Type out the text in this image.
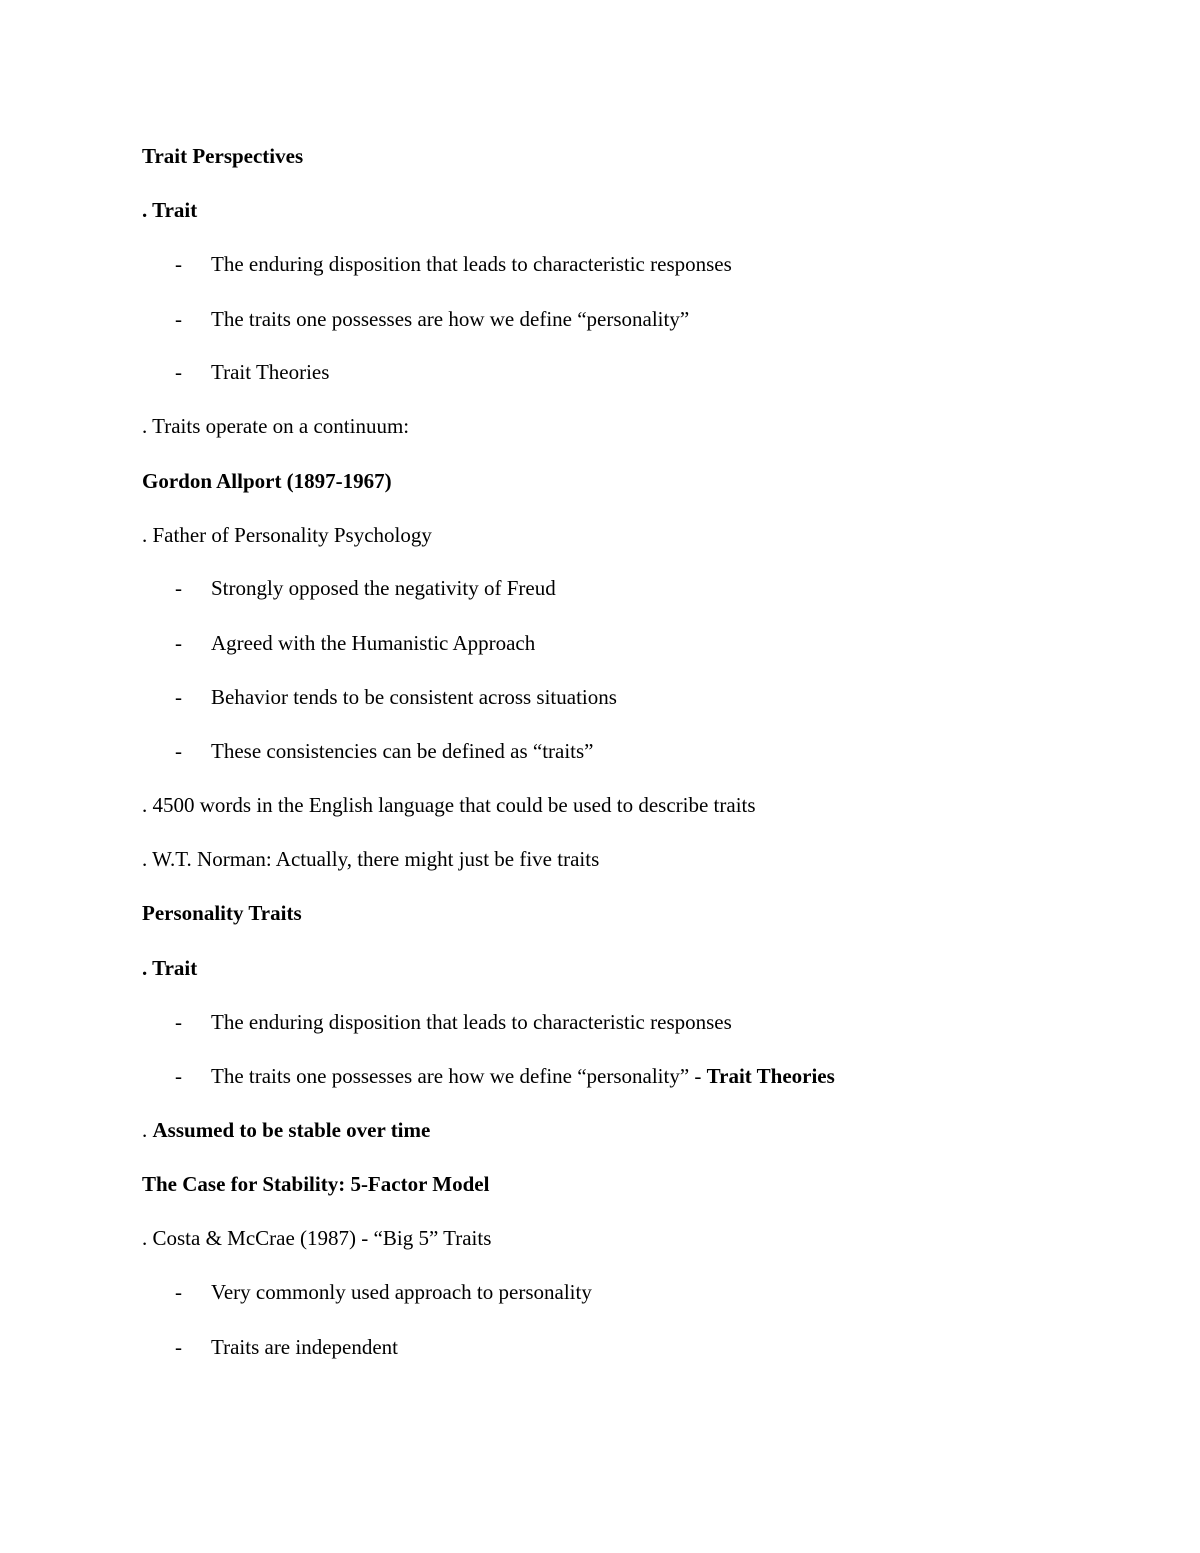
Trait Perspectives

. Trait

- The enduring disposition that leads to characteristic responses

- The traits one possesses are how we define “personality”

- Trait Theories

. Traits operate on a continuum:

Gordon Allport (1897-1967)

. Father of Personality Psychology

- Strongly opposed the negativity of Freud

- Agreed with the Humanistic Approach

- Behavior tends to be consistent across situations

- These consistencies can be defined as “traits”

. 4500 words in the English language that could be used to describe traits

. W.T. Norman: Actually, there might just be five traits

Personality Traits

. Trait

- The enduring disposition that leads to characteristic responses

- The traits one possesses are how we define “personality” - Trait Theories

. Assumed to be stable over time

The Case for Stability: 5-Factor Model

. Costa & McCrae (1987) - “Big 5” Traits

- Very commonly used approach to personality

- Traits are independent
